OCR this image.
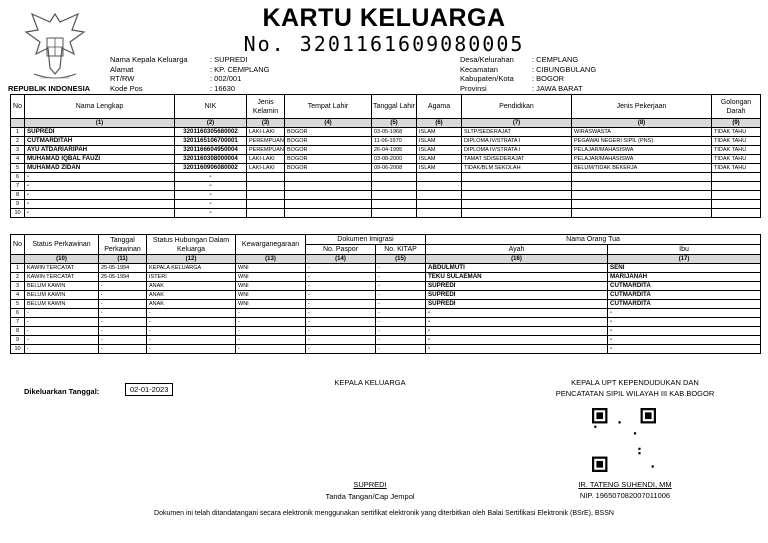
REPUBLIK INDONESIA
KARTU KELUARGA
No. 3201161609080005
Nama Kepala Keluarga	: SUPREDI
Alamat	: KP. CEMPLANG
RT/RW	: 002/001
Kode Pos	: 16630
Desa/Kelurahan	: CEMPLANG
Kecamatan	: CIBUNGBULANG
Kabupaten/Kota	: BOGOR
Provinsi	: JAWA BARAT
No	Nama Lengkap	NIK	Jenis Kelamin	Tempat Lahir	Tanggal Lahir	Agama	Pendidikan	Jenis Pekerjaan	Golongan Darah
	(1)	(2)	(3)	(4)	(5)	(6)	(7)	(8)	(9)
1	SUPREDI	3201160305680002	LAKI-LAKI	BOGOR	03-05-1968	ISLAM	SLTP/SEDERAJAT	WIRASWASTA	TIDAK TAHU
2	CUTMARDITAH	3201165106700001	PEREMPUAN	BOGOR	11-06-1970	ISLAM	DIPLOMA IV/STRATA I	PEGAWAI NEGERI SIPIL (PNS)	TIDAK TAHU
3	AYU ATDARIARIPAH	3201166604950004	PEREMPUAN	BOGOR	26-04-1995	ISLAM	DIPLOMA IV/STRATA I	PELAJAR/MAHASISWA	TIDAK TAHU
4	MUHAMAD IQBAL FAUZI	3201160308000004	LAKI-LAKI	BOGOR	03-08-2000	ISLAM	TAMAT SD/SEDERAJAT	PELAJAR/MAHASISWA	TIDAK TAHU
5	MUHAMAD ZIDAN	3201160906080002	LAKI-LAKI	BOGOR	09-06-2008	ISLAM	TIDAK/BLM SEKOLAH	BELUM/TIDAK BEKERJA	TIDAK TAHU
6	-	-							
7	-	-							
8	-	-							
9	-	-							
10	-	-							
No	Status Perkawinan	Tanggal Perkawinan	Status Hubungan Dalam Keluarga	Kewarganegaraan	Dokumen Imigrasi		Nama Orang Tua	
					No. Paspor	No. KITAP	Ayah	Ibu
	(10)	(11)	(12)	(13)	(14)	(15)	(16)	(17)
1	KAWIN TERCATAT	25-05-1994	KEPALA KELUARGA	WNI	-	-	ABDULMUTI	SENI
2	KAWIN TERCATAT	25-05-1994	ISTERI	WNI	-	-	TEKU SULAEMAN	MARIJANAH
3	BELUM KAWIN	-	ANAK	WNI	-	-	SUPREDI	CUTMARDITA
4	BELUM KAWIN	-	ANAK	WNI	-	-	SUPREDI	CUTMARDITA
5	BELUM KAWIN	-	ANAK	WNI	-	-	SUPREDI	CUTMARDITA
6	-	-	-	-	-	-	-	-
7	-	-	-	-	-	-	-	-
8	-	-	-	-	-	-	-	-
9	-	-	-	-	-	-	-	-
10	-	-	-	-	-	-	-	-
Dikeluarkan Tanggal:	02-01-2023
KEPALA KELUARGA
SUPREDI
Tanda Tangan/Cap Jempol
KEPALA UPT KEPENDUDUKAN DAN
PENCATATAN SIPIL WILAYAH III KAB.BOGOR
IR. TATENG SUHENDI, MM
NIP. 196507082007011006
Dokumen ini telah ditandatangani secara elektronik menggunakan sertifikat elektronik yang diterbitkan oleh Balai Sertifikasi Elektronik (BSrE), BSSN
